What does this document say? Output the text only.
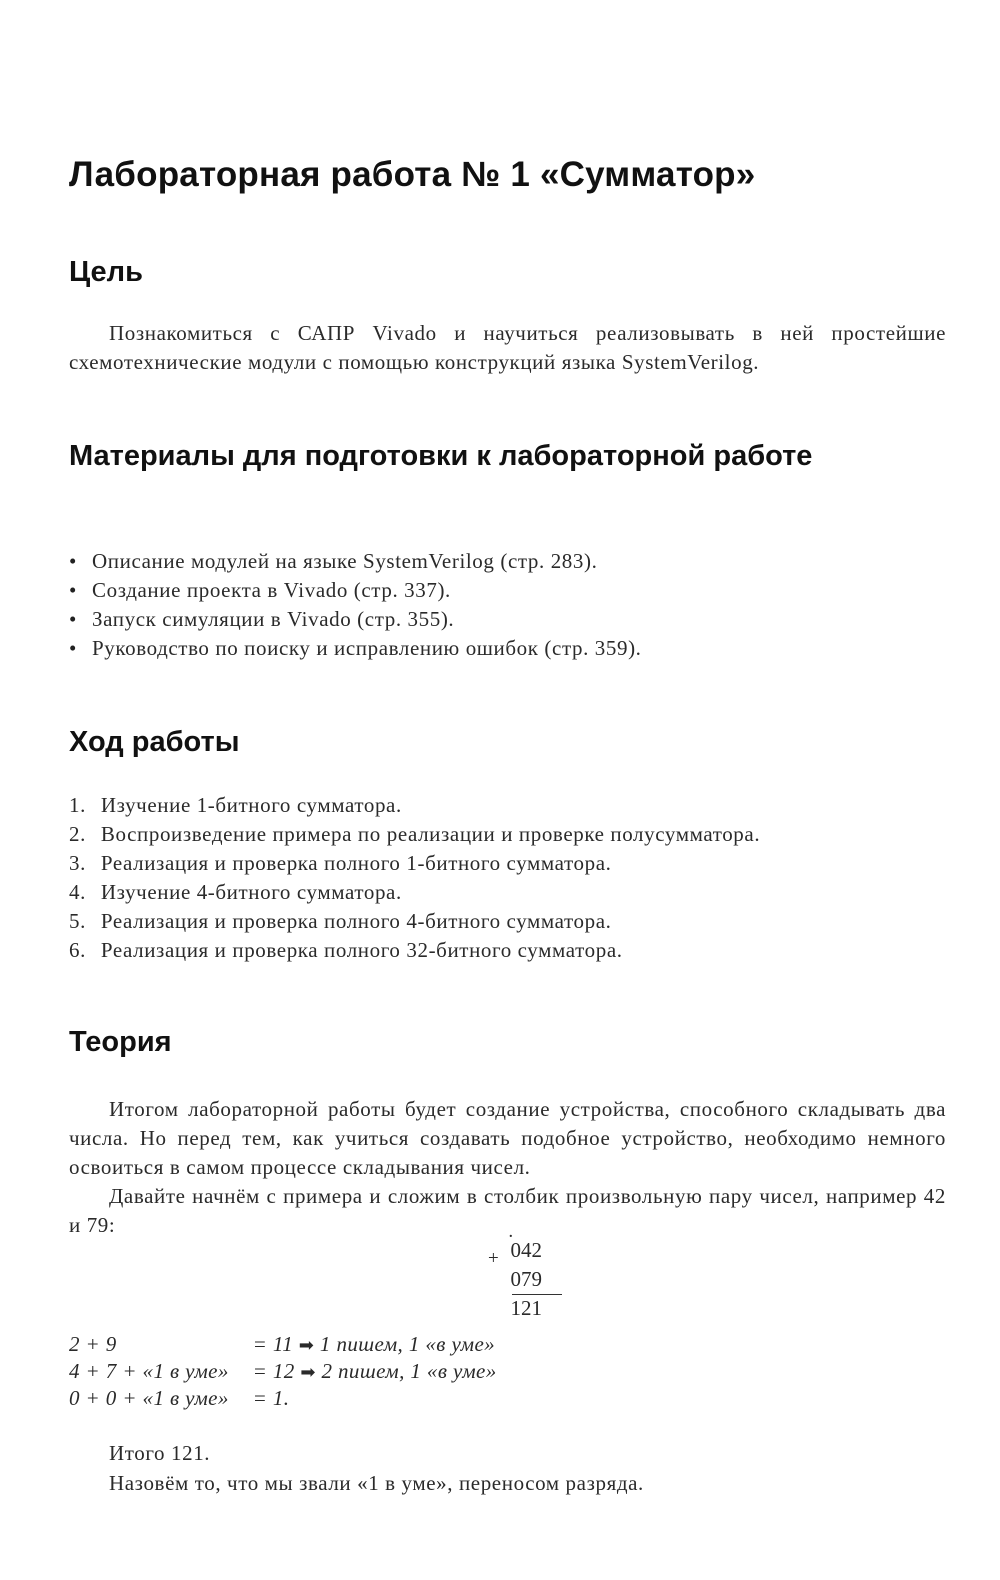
Лабораторная работа № 1 «Сумматор»
Цель

Познакомиться с САПР Vivado и научиться реализовывать в ней простейшие схемотехнические модули с помощью конструкций языка SystemVerilog.

Материалы для подготовки к лабораторной работе
• Описание модулей на языке SystemVerilog (стр. 283).
• Создание проекта в Vivado (стр. 337).
• Запуск симуляции в Vivado (стр. 355).
• Руководство по поиску и исправлению ошибок (стр. 359).
Ход работы
1. Изучение 1-битного сумматора.
2. Воспроизведение примера по реализации и проверке полусумматора.
3. Реализация и проверка полного 1-битного сумматора.
4. Изучение 4-битного сумматора.
5. Реализация и проверка полного 4-битного сумматора.
6. Реализация и проверка полного 32-битного сумматора.
Теория

Итогом лабораторной работы будет создание устройства, способного складывать два числа. Но перед тем, как учиться создавать подобное устройство, необходимо немного освоиться в самом процессе складывания чисел.

Давайте начнём с примера и сложим в столбик произвольную пару чисел, например 42 и 79:	·
+ 042
079
121
2 + 9	= 11 ➡ 1 пишем, 1 «в уме»
4 + 7 + «1 в уме» = 12 ➡ 2 пишем, 1 «в уме»
0 + 0 + «1 в уме» = 1.

Итого 121.

Назовём то, что мы звали «1 в уме», переносом разряда.
